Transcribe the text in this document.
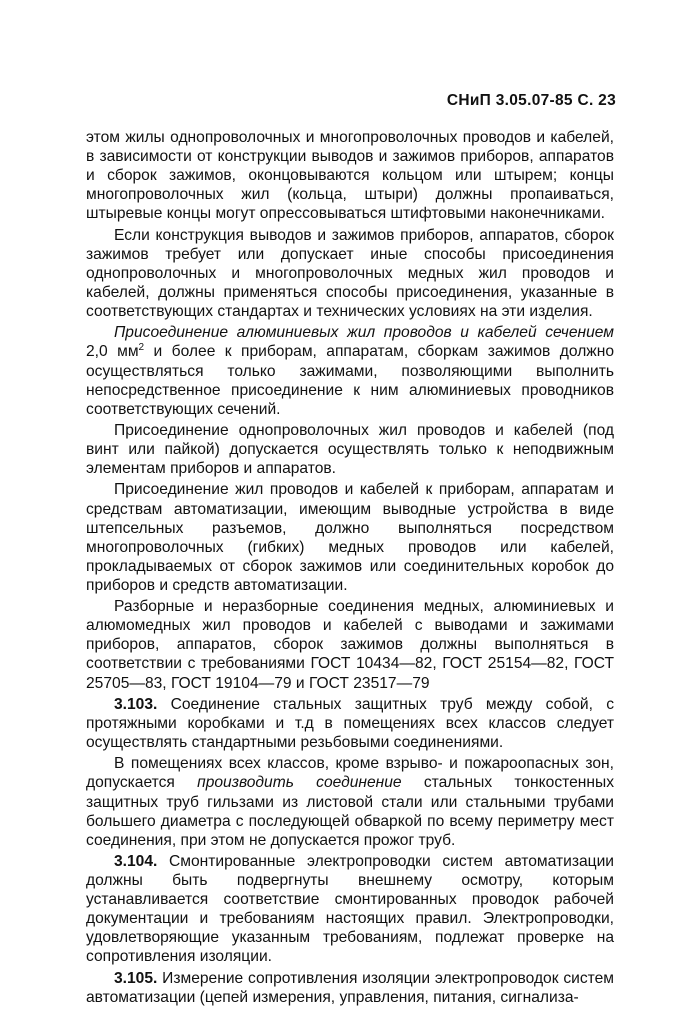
СНиП 3.05.07-85 С. 23

этом жилы однопроволочных и многопроволочных проводов и кабелей, в зависимости от конструкции выводов и зажимов приборов, аппаратов и сборок зажимов, оконцовываются кольцом или штырем; концы многопроволочных жил (кольца, штыри) должны пропаиваться, штыревые концы могут опрессовываться штифтовыми наконечниками.

Если конструкция выводов и зажимов приборов, аппаратов, сборок зажимов требует или допускает иные способы присоединения однопроволочных и многопроволочных медных жил проводов и кабелей, должны применяться способы присоединения, указанные в соответствующих стандартах и технических условиях на эти изделия.

Присоединение алюминиевых жил проводов и кабелей сечением 2,0 $мм^2$ и более к приборам, аппаратам, сборкам зажимов должно осуществляться только зажимами, позволяющими выполнить непосредственное присоединение к ним алюминиевых проводников соответствующих сечений.

Присоединение однопроволочных жил проводов и кабелей (под винт или пайкой) допускается осуществлять только к неподвижным элементам приборов и аппаратов.

Присоединение жил проводов и кабелей к приборам, аппаратам и средствам автоматизации, имеющим выводные устройства в виде штепсельных разъемов, должно выполняться посредством многопроволочных (гибких) медных проводов или кабелей, прокладываемых от сборок зажимов или соединительных коробок до приборов и средств автоматизации.

Разборные и неразборные соединения медных, алюминиевых и алюмомедных жил проводов и кабелей с выводами и зажимами приборов, аппаратов, сборок зажимов должны выполняться в соответствии с требованиями ГОСТ 10434—82, ГОСТ 25154—82, ГОСТ 25705—83, ГОСТ 19104—79 и ГОСТ 23517—79

3.103. Соединение стальных защитных труб между собой, с протяжными коробками и т.д в помещениях всех классов следует осуществлять стандартными резьбовыми соединениями.

В помещениях всех классов, кроме взрыво- и пожароопасных зон, допускается производить соединение стальных тонкостенных защитных труб гильзами из листовой стали или стальными трубами большего диаметра с последующей обваркой по всему периметру мест соединения, при этом не допускается прожог труб.

3.104. Смонтированные электропроводки систем автоматизации должны быть подвергнуты внешнему осмотру, которым устанавливается соответствие смонтированных проводок рабочей документации и требованиям настоящих правил. Электропроводки, удовлетворяющие указанным требованиям, подлежат проверке на сопротивления изоляции.

3.105. Измерение сопротивления изоляции электропроводок систем автоматизации (цепей измерения, управления, питания, сигнализа-
